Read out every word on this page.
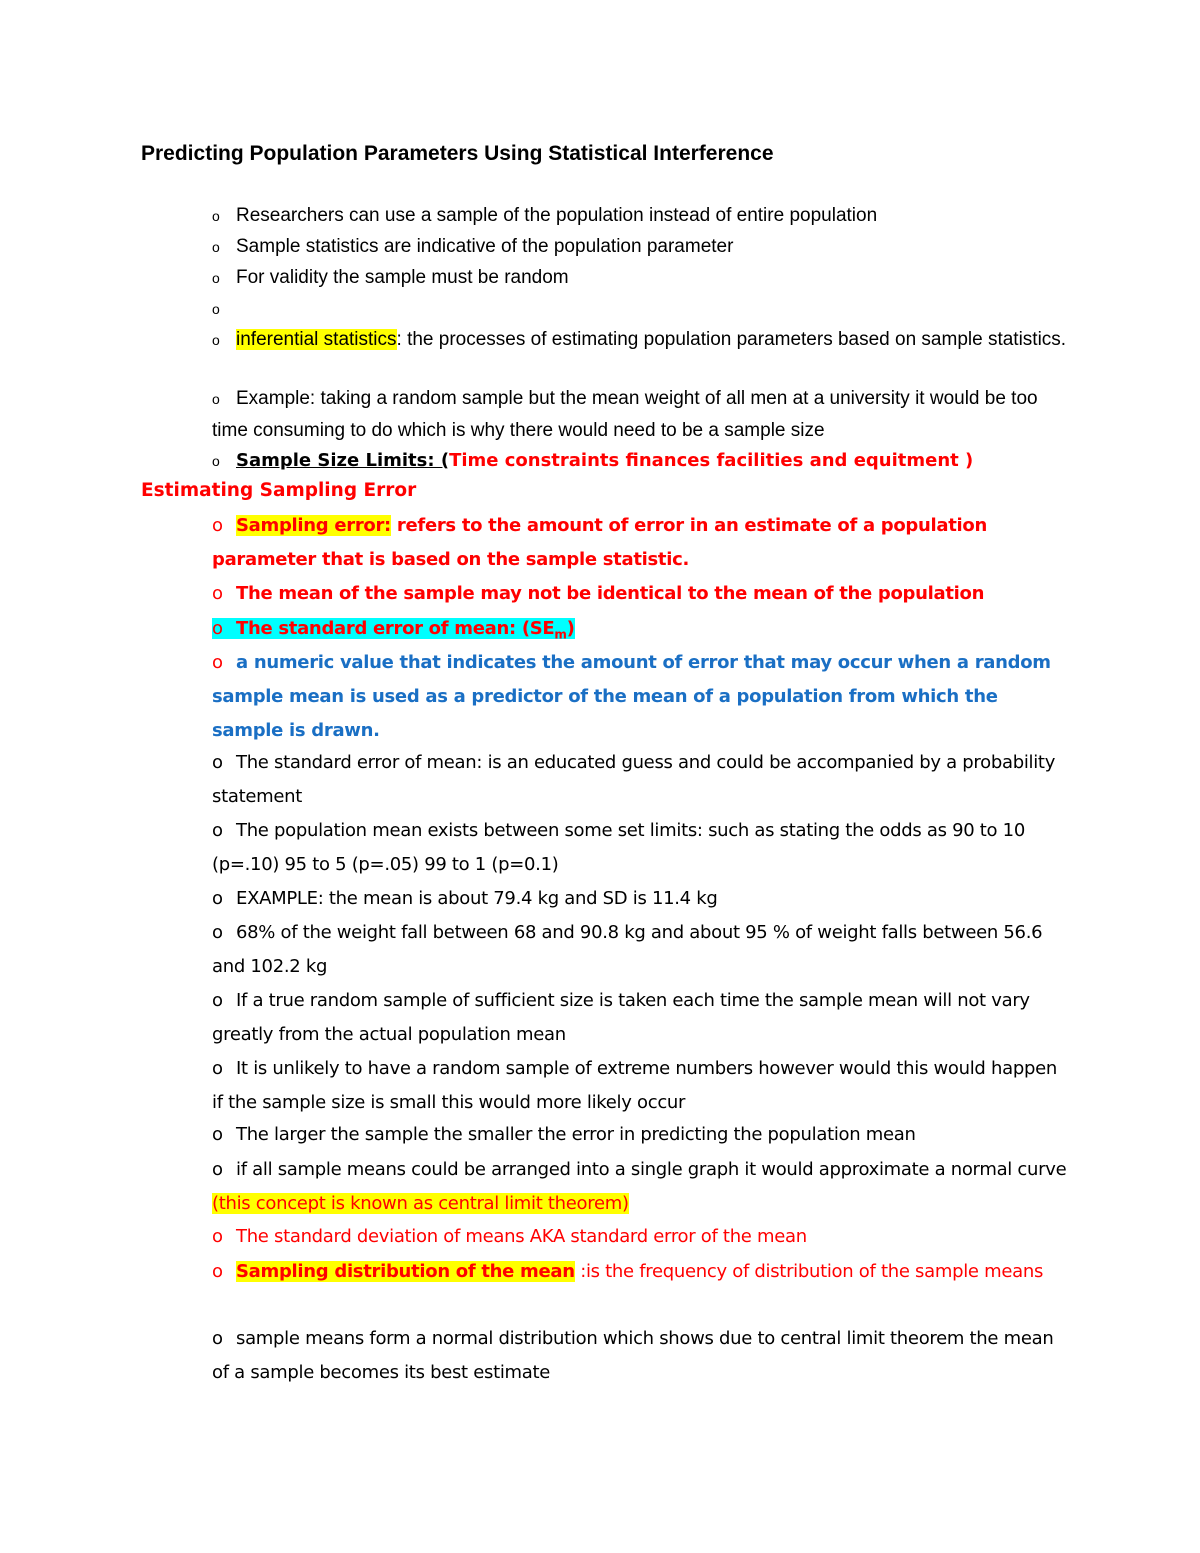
Predicting Population Parameters Using Statistical Interference
o Researchers can use a sample of the population instead of entire population
o Sample statistics are indicative of the population parameter
o For validity the sample must be random
o
o inferential statistics: the processes of estimating population parameters based on sample statistics.
o Example: taking a random sample but the mean weight of all men at a university it would be too time consuming to do which is why there would need to be a sample size
o Sample Size Limits: (Time constraints finances facilities and equitment )
Estimating Sampling Error
o Sampling error: refers to the amount of error in an estimate of a population parameter that is based on the sample statistic.
o The mean of the sample may not be identical to the mean of the population
o The standard error of mean: $(SE_m)$
o a numeric value that indicates the amount of error that may occur when a random sample mean is used as a predictor of the mean of a population from which the sample is drawn.
o The standard error of mean: is an educated guess and could be accompanied by a probability statement
o The population mean exists between some set limits: such as stating the odds as 90 to 10 (p=.10) 95 to 5 (p=.05) 99 to 1 (p=0.1)
o EXAMPLE: the mean is about 79.4 kg and SD is 11.4 kg
o 68% of the weight fall between 68 and 90.8 kg and about 95 % of weight falls between 56.6 and 102.2 kg
o If a true random sample of sufficient size is taken each time the sample mean will not vary greatly from the actual population mean
o It is unlikely to have a random sample of extreme numbers however would this would happen if the sample size is small this would more likely occur
o The larger the sample the smaller the error in predicting the population mean
o if all sample means could be arranged into a single graph it would approximate a normal curve (this concept is known as central limit theorem)
o The standard deviation of means AKA standard error of the mean
o Sampling distribution of the mean :is the frequency of distribution of the sample means
o sample means form a normal distribution which shows due to central limit theorem the mean of a sample becomes its best estimate
